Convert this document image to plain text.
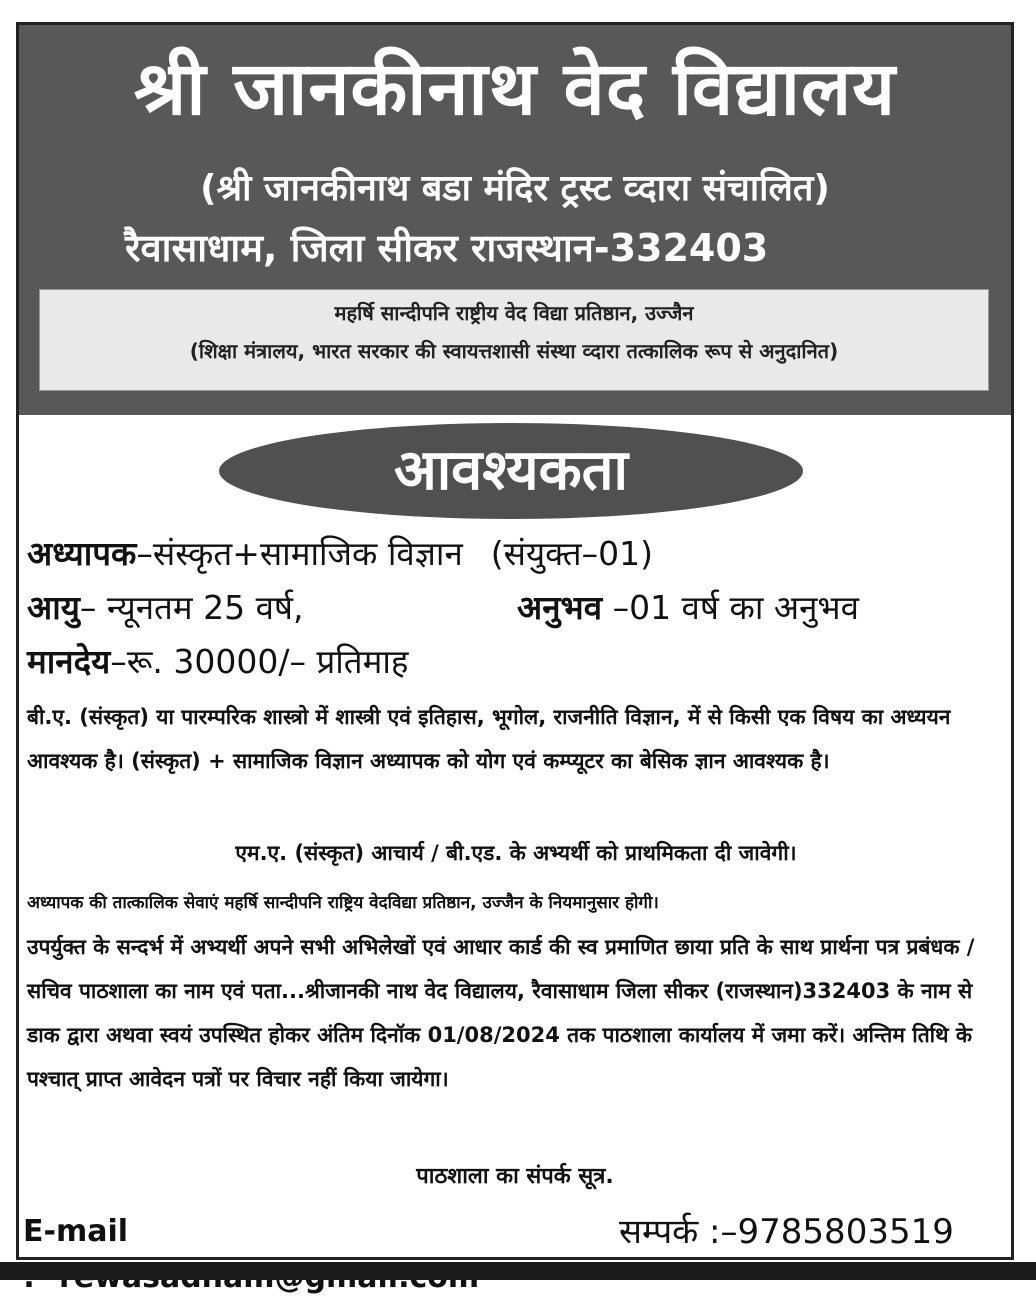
श्री जानकीनाथ वेद विद्यालय
(श्री जानकीनाथ बडा मंदिर ट्रस्ट व्दारा संचालित)
रैवासाधाम, जिला सीकर राजस्थान-332403
महर्षि सान्दीपनि राष्ट्रीय वेद विद्या प्रतिष्ठान, उज्जैन
(शिक्षा मंत्रालय, भारत सरकार की स्वायत्तशासी संस्था व्दारा तत्कालिक रूप से अनुदानित)
आवश्यकता
अध्यापक–संस्कृत+सामाजिक विज्ञान (संयुक्त–01)
आयु– न्यूनतम 25 वर्ष,	अनुभव –01 वर्ष का अनुभव
मानदेय–रू. 30000/– प्रतिमाह
बी.ए. (संस्कृत) या पारम्परिक शास्त्रो में शास्त्री एवं इतिहास, भूगोल, राजनीति विज्ञान, में से किसी एक विषय का अध्ययन आवश्यक है। (संस्कृत) + सामाजिक विज्ञान अध्यापक को योग एवं कम्प्यूटर का बेसिक ज्ञान आवश्यक है।
एम.ए. (संस्कृत) आचार्य / बी.एड. के अभ्यर्थी को प्राथमिकता दी जावेगी।
अध्यापक की तात्कालिक सेवाएं महर्षि सान्दीपनि राष्ट्रिय वेदविद्या प्रतिष्ठान, उज्जैन के नियमानुसार होगी।
उपर्युक्त के सन्दर्भ में अभ्यर्थी अपने सभी अभिलेखों एवं आधार कार्ड की स्व प्रमाणित छाया प्रति के साथ प्रार्थना पत्र प्रबंधक / सचिव पाठशाला का नाम एवं पता...श्रीजानकी नाथ वेद विद्यालय, रैवासाधाम जिला सीकर (राजस्थान)332403 के नाम से डाक द्वारा अथवा स्वयं उपस्थित होकर अंतिम दिनॉक 01/08/2024 तक पाठशाला कार्यालय में जमा करें। अन्तिम तिथि के पश्चात् प्राप्त आवेदन पत्रों पर विचार नहीं किया जायेगा।
पाठशाला का संपर्क सूत्र.
E-mail	सम्पर्क :–9785803519
